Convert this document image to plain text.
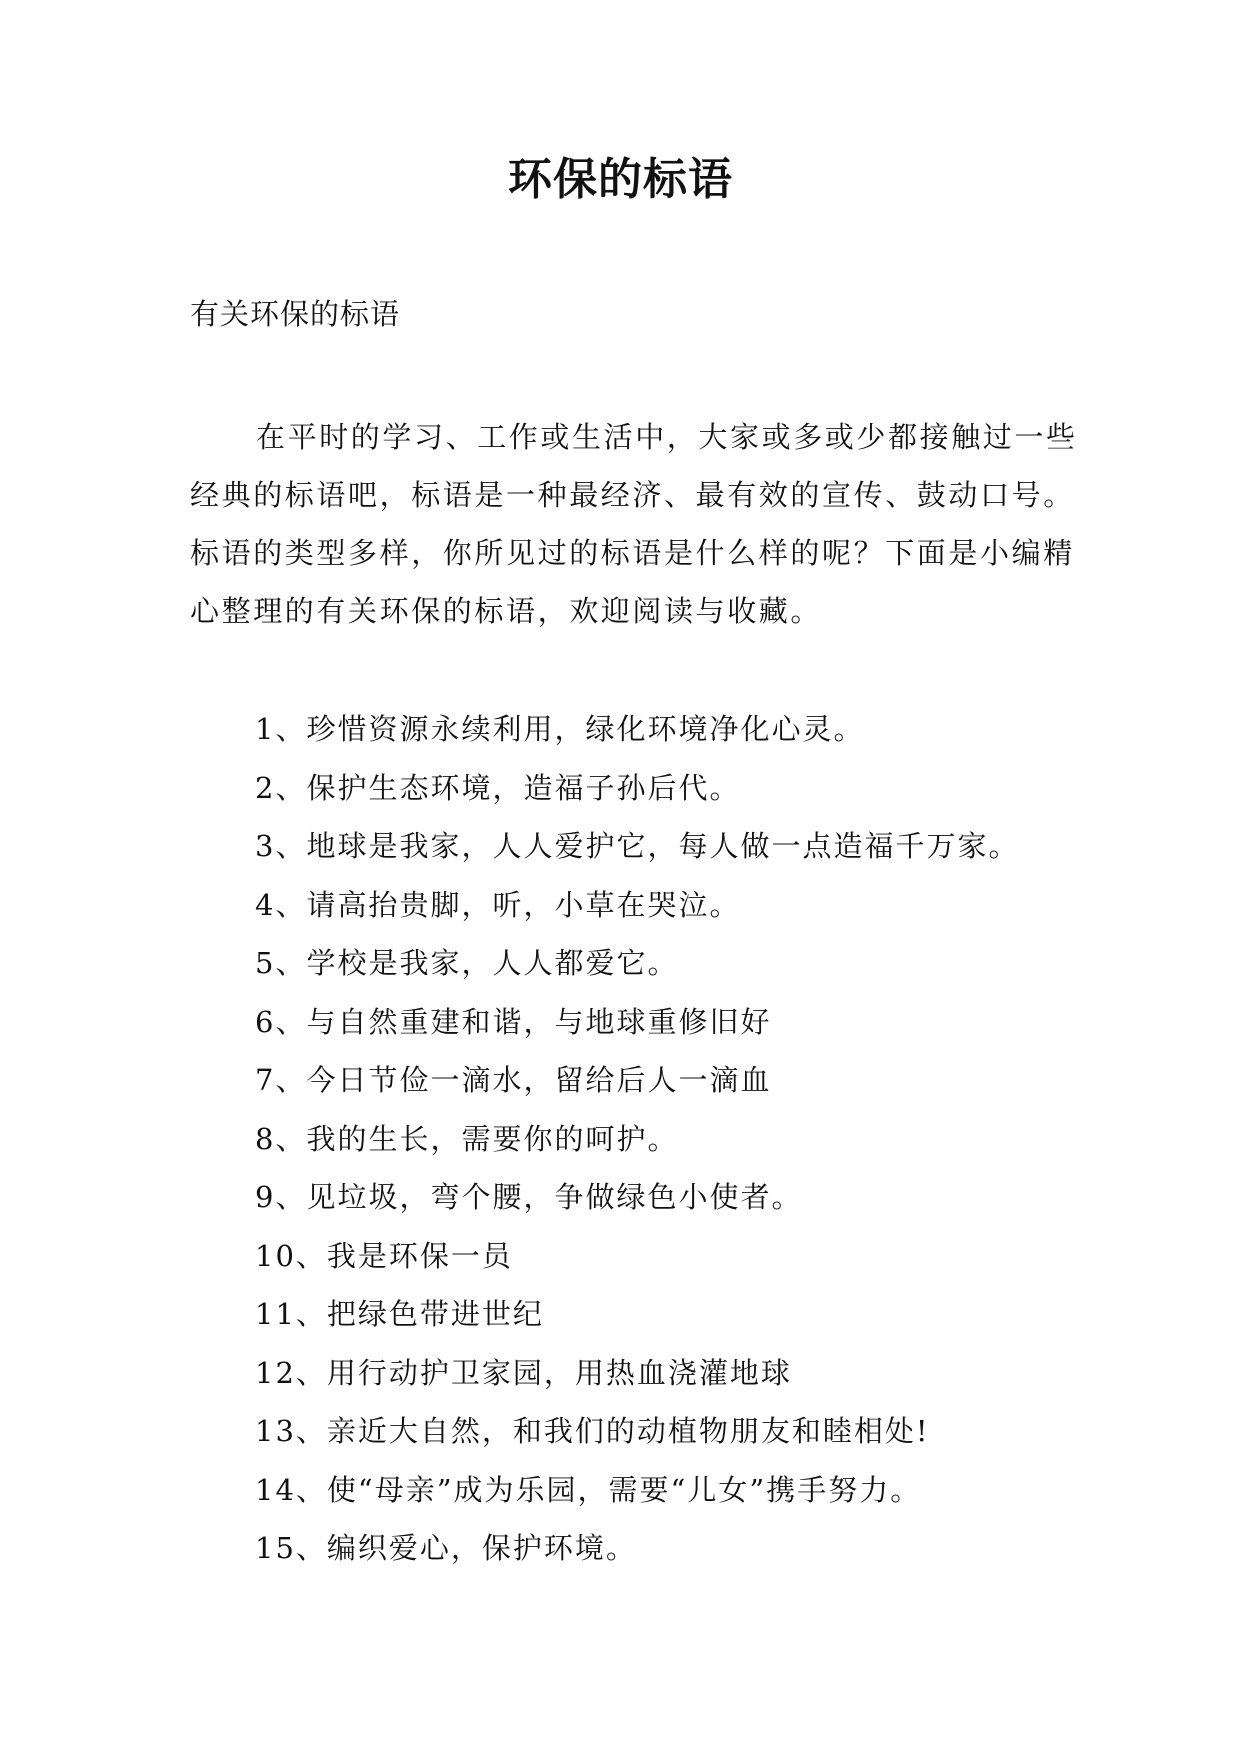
环保的标语
有关环保的标语

在平时的学习、工作或生活中，大家或多或少都接触过一些经典的标语吧，标语是一种最经济、最有效的宣传、鼓动口号。标语的类型多样，你所见过的标语是什么样的呢？下面是小编精心整理的有关环保的标语，欢迎阅读与收藏。

1、珍惜资源永续利用，绿化环境净化心灵。
2、保护生态环境，造福子孙后代。
3、地球是我家，人人爱护它，每人做一点造福千万家。
4、请高抬贵脚，听，小草在哭泣。
5、学校是我家，人人都爱它。
6、与自然重建和谐，与地球重修旧好
7、今日节俭一滴水，留给后人一滴血
8、我的生长，需要你的呵护。
9、见垃圾，弯个腰，争做绿色小使者。
10、我是环保一员
11、把绿色带进世纪
12、用行动护卫家园，用热血浇灌地球
13、亲近大自然，和我们的动植物朋友和睦相处!
14、使“母亲”成为乐园，需要“儿女”携手努力。
15、编织爱心，保护环境。
